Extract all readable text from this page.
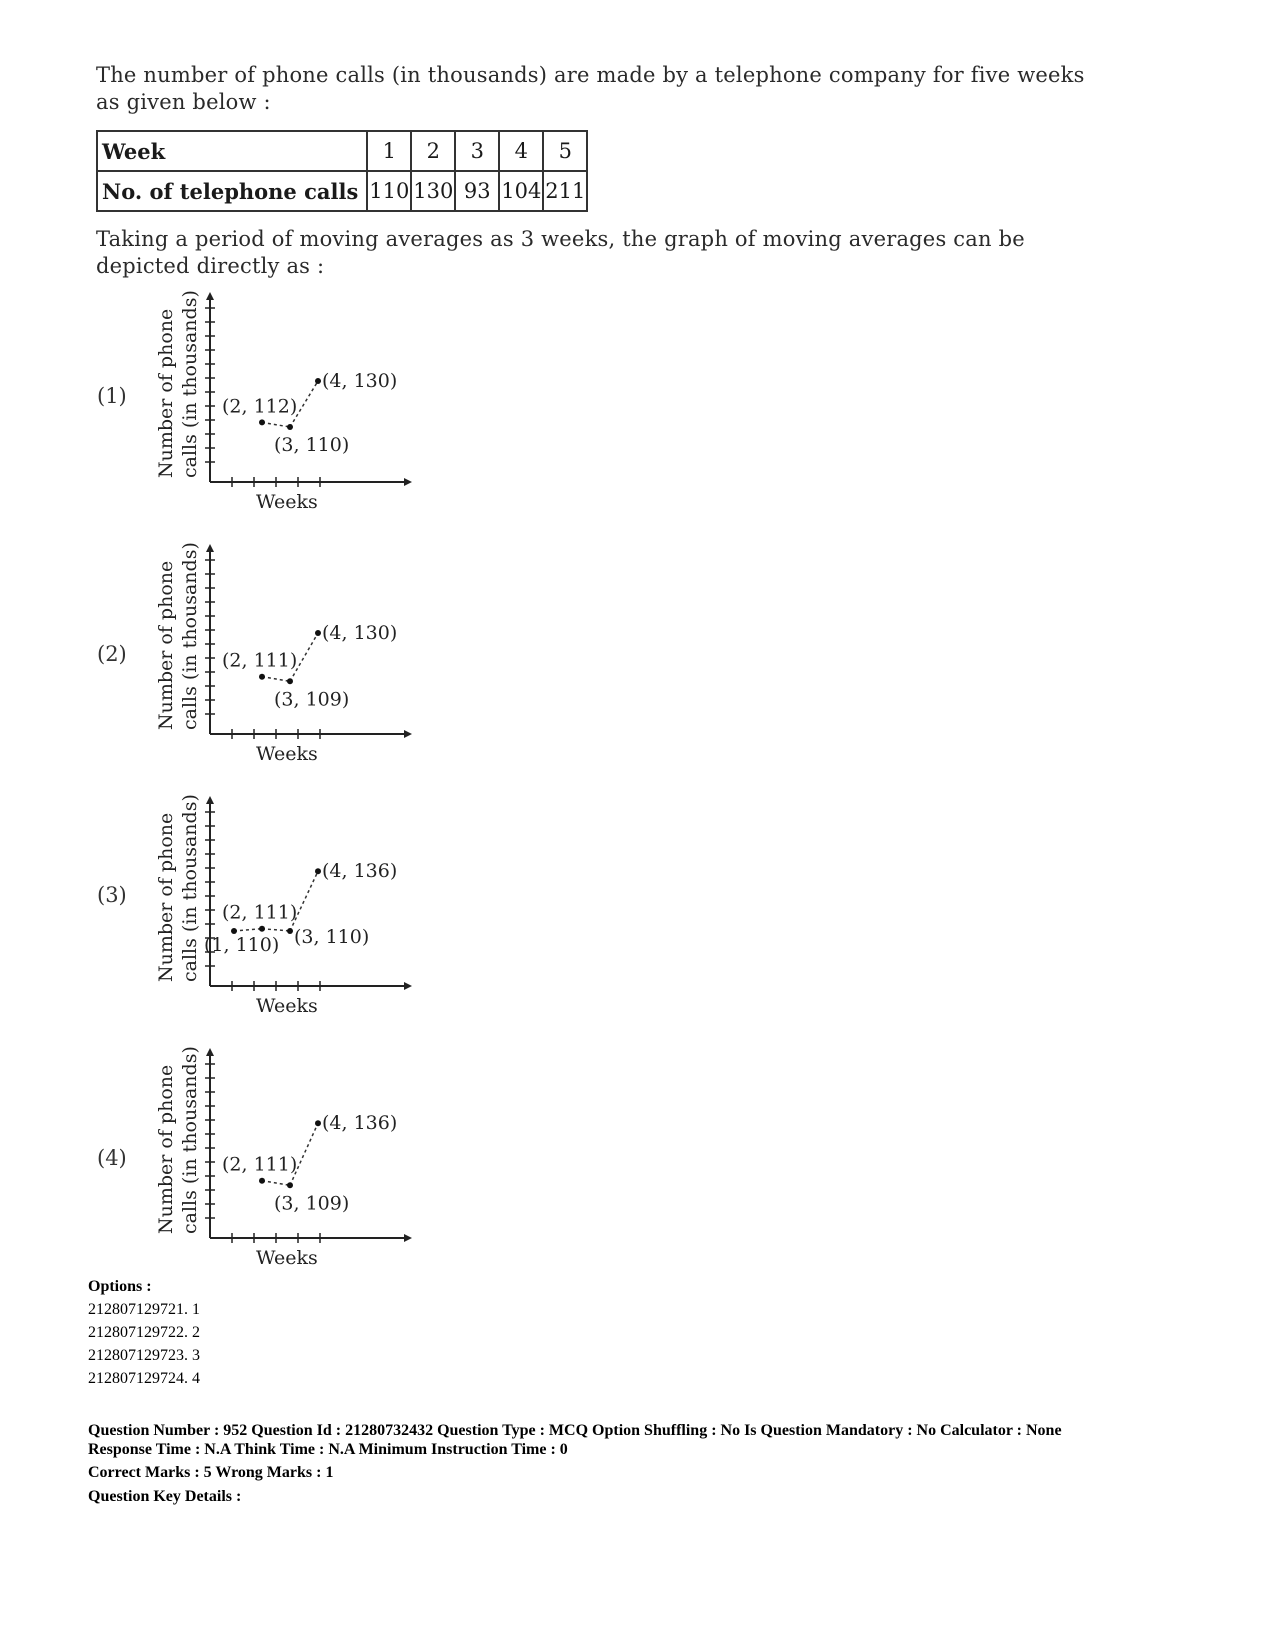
The number of phone calls (in thousands) are made by a telephone company for five weeks as given below :

Week	1	2	3	4	5
No. of telephone calls	110	130	93	104	211

Taking a period of moving averages as 3 weeks, the graph of moving averages can be depicted directly as :

(1) Number of phone calls (in thousands)
Weeks
(2, 112)
(3, 110)
(4, 130)
(2) Number of phone calls (in thousands)
Weeks
(2, 111)
(3, 109)
(4, 130)
(3) Number of phone calls (in thousands)
Weeks
(1, 110)
(2, 111)
(3, 110)
(4, 136)
(4) Number of phone calls (in thousands)
Weeks
(2, 111)
(3, 109)
(4, 136)
Options :
212807129721. 1
212807129722. 2
212807129723. 3
212807129724. 4
Question Number : 952 Question Id : 21280732432 Question Type : MCQ Option Shuffling : No Is Question Mandatory : No Calculator : None
Response Time : N.A Think Time : N.A Minimum Instruction Time : 0
Correct Marks : 5 Wrong Marks : 1
Question Key Details :
